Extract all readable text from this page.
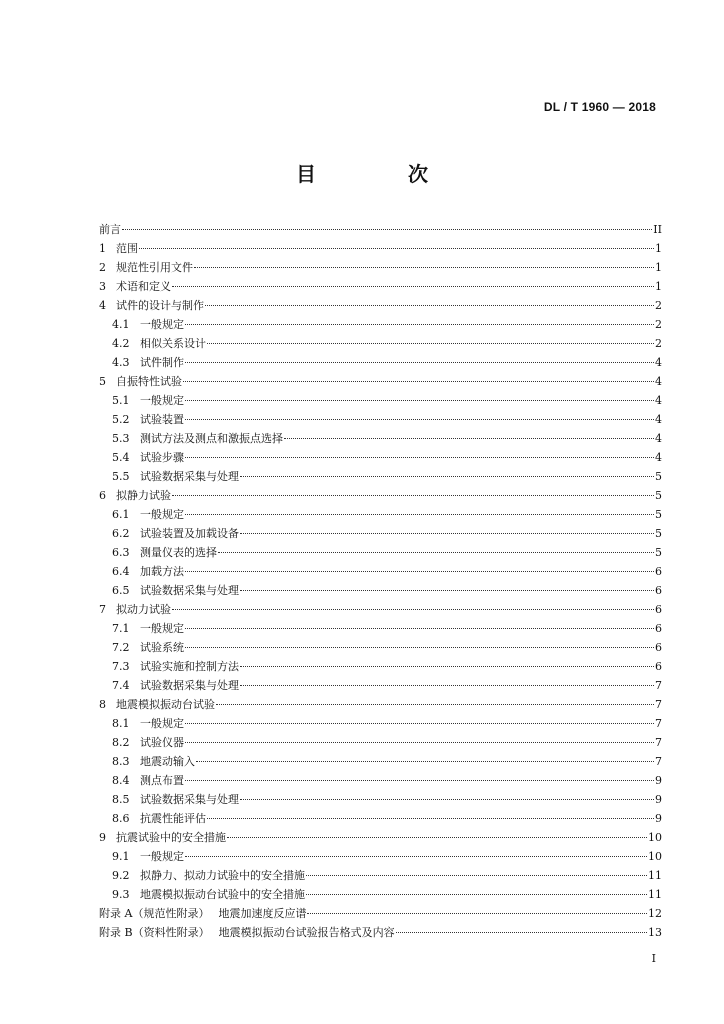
DL / T 1960 — 2018
目　次
前言	II
1 范围	1
2 规范性引用文件	1
3 术语和定义	1
4 试件的设计与制作	2
4.1 一般规定	2
4.2 相似关系设计	2
4.3 试件制作	4
5 自振特性试验	4
5.1 一般规定	4
5.2 试验装置	4
5.3 测试方法及测点和激振点选择	4
5.4 试验步骤	4
5.5 试验数据采集与处理	5
6 拟静力试验	5
6.1 一般规定	5
6.2 试验装置及加载设备	5
6.3 测量仪表的选择	5
6.4 加载方法	6
6.5 试验数据采集与处理	6
7 拟动力试验	6
7.1 一般规定	6
7.2 试验系统	6
7.3 试验实施和控制方法	6
7.4 试验数据采集与处理	7
8 地震模拟振动台试验	7
8.1 一般规定	7
8.2 试验仪器	7
8.3 地震动输入	7
8.4 测点布置	9
8.5 试验数据采集与处理	9
8.6 抗震性能评估	9
9 抗震试验中的安全措施	10
9.1 一般规定	10
9.2 拟静力、拟动力试验中的安全措施	11
9.3 地震模拟振动台试验中的安全措施	11
附录 A（规范性附录） 地震加速度反应谱	12
附录 B（资料性附录） 地震模拟振动台试验报告格式及内容	13
I
